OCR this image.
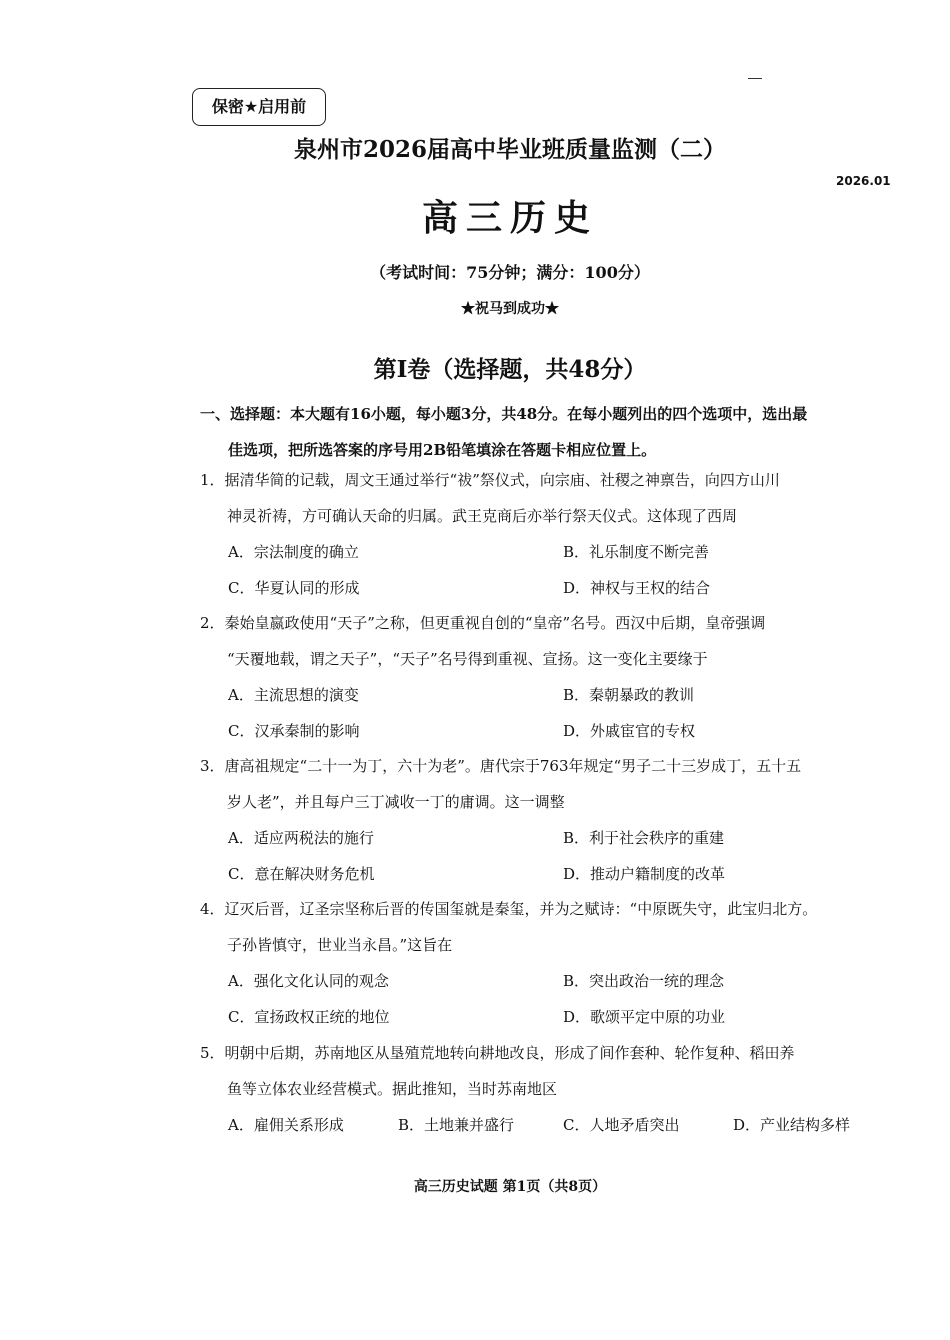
保密★启用前
泉州市2026届高中毕业班质量监测（二）
2026.01
高三历史
（考试时间：75分钟；满分：100分）
★祝马到成功★
第Ⅰ卷（选择题，共48分）
一、选择题：本大题有16小题，每小题3分，共48分。在每小题列出的四个选项中，选出最
佳选项，把所选答案的序号用2B铅笔填涂在答题卡相应位置上。
1．据清华简的记载，周文王通过举行“祓”祭仪式，向宗庙、社稷之神禀告，向四方山川
神灵祈祷，方可确认天命的归属。武王克商后亦举行祭天仪式。这体现了西周
A．宗法制度的确立	B．礼乐制度不断完善
C．华夏认同的形成	D．神权与王权的结合
2．秦始皇嬴政使用“天子”之称，但更重视自创的“皇帝”名号。西汉中后期，皇帝强调
“天覆地载，谓之天子”，“天子”名号得到重视、宣扬。这一变化主要缘于
A．主流思想的演变	B．秦朝暴政的教训
C．汉承秦制的影响	D．外戚宦官的专权
3．唐高祖规定“二十一为丁，六十为老”。唐代宗于763年规定“男子二十三岁成丁，五十五
岁人老”，并且每户三丁减收一丁的庸调。这一调整
A．适应两税法的施行	B．利于社会秩序的重建
C．意在解决财务危机	D．推动户籍制度的改革
4．辽灭后晋，辽圣宗坚称后晋的传国玺就是秦玺，并为之赋诗：“中原既失守，此宝归北方。
子孙皆慎守，世业当永昌。”这旨在
A．强化文化认同的观念	B．突出政治一统的理念
C．宣扬政权正统的地位	D．歌颂平定中原的功业
5．明朝中后期，苏南地区从垦殖荒地转向耕地改良，形成了间作套种、轮作复种、稻田养
鱼等立体农业经营模式。据此推知，当时苏南地区
A．雇佣关系形成	B．土地兼并盛行	C．人地矛盾突出	D．产业结构多样
高三历史试题 第1页（共8页）
